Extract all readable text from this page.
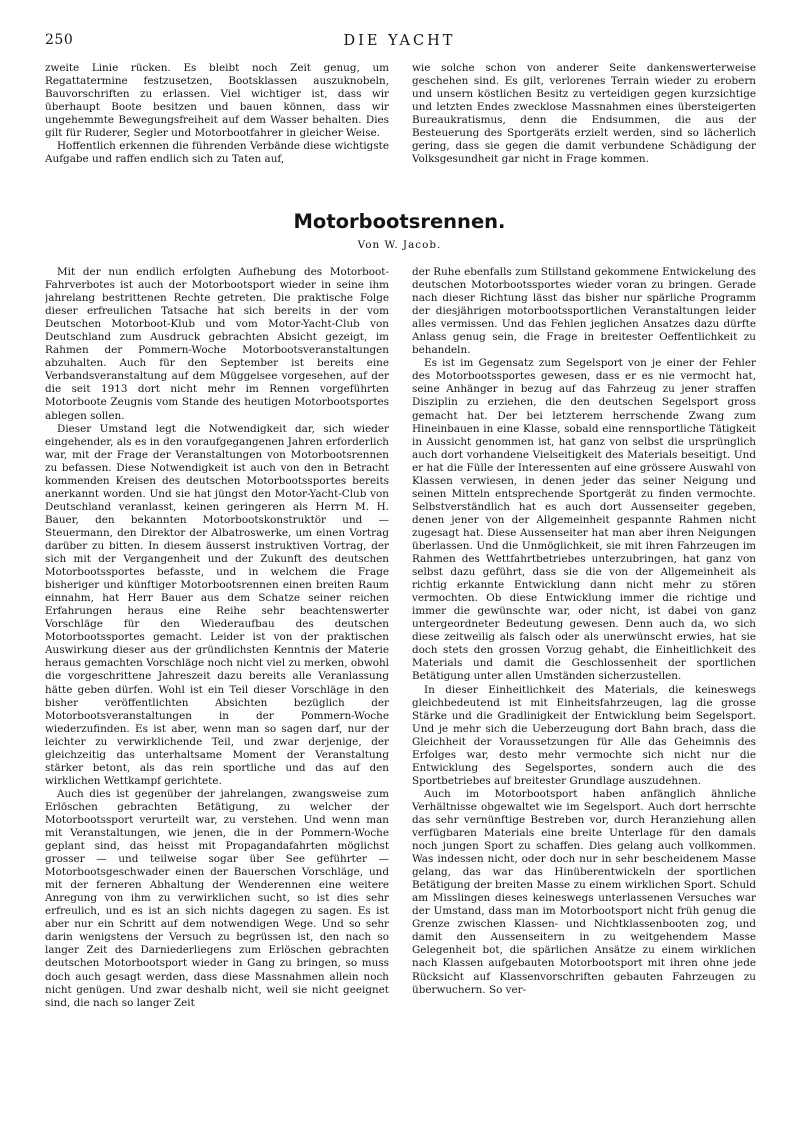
250	DIE YACHT

zweite Linie rücken. Es bleibt noch Zeit genug, um Regattatermine festzusetzen, Bootsklassen auszuknobeln, Bauvorschriften zu erlassen. Viel wichtiger ist, dass wir überhaupt Boote besitzen und bauen können, dass wir ungehemmte Bewegungsfreiheit auf dem Wasser behalten. Dies gilt für Ruderer, Segler und Motorbootfahrer in gleicher Weise.

Hoffentlich erkennen die führenden Verbände diese wichtigste Aufgabe und raffen endlich sich zu Taten auf,

wie solche schon von anderer Seite dankenswerterweise geschehen sind. Es gilt, verlorenes Terrain wieder zu erobern und unsern köstlichen Besitz zu verteidigen gegen kurzsichtige und letzten Endes zwecklose Massnahmen eines übersteigerten Bureaukratismus, denn die Endsummen, die aus der Besteuerung des Sportgeräts erzielt werden, sind so lächerlich gering, dass sie gegen die damit verbundene Schädigung der Volksgesundheit gar nicht in Frage kommen.

Motorbootsrennen.
Von W. Jacob.

Mit der nun endlich erfolgten Aufhebung des Motorboot-Fahrverbotes ist auch der Motorbootsport wieder in seine ihm jahrelang bestrittenen Rechte getreten. Die praktische Folge dieser erfreulichen Tatsache hat sich bereits in der vom Deutschen Motorboot-Klub und vom Motor-Yacht-Club von Deutschland zum Ausdruck gebrachten Absicht gezeigt, im Rahmen der Pommern-Woche Motorbootsveranstaltungen abzuhalten. Auch für den September ist bereits eine Verbandsveranstaltung auf dem Müggelsee vorgesehen, auf der die seit 1913 dort nicht mehr im Rennen vorgeführten Motorboote Zeugnis vom Stande des heutigen Motorbootsportes ablegen sollen.

Dieser Umstand legt die Notwendigkeit dar, sich wieder eingehender, als es in den voraufgegangenen Jahren erforderlich war, mit der Frage der Veranstaltungen von Motorbootsrennen zu befassen. Diese Notwendigkeit ist auch von den in Betracht kommenden Kreisen des deutschen Motorbootssportes bereits anerkannt worden. Und sie hat jüngst den Motor-Yacht-Club von Deutschland veranlasst, keinen geringeren als Herrn M. H. Bauer, den bekannten Motorbootskonstruktör und — Steuermann, den Direktor der Albatroswerke, um einen Vortrag darüber zu bitten. In diesem äusserst instruktiven Vortrag, der sich mit der Vergangenheit und der Zukunft des deutschen Motorbootssportes befasste, und in welchem die Frage bisheriger und künftiger Motorbootsrennen einen breiten Raum einnahm, hat Herr Bauer aus dem Schatze seiner reichen Erfahrungen heraus eine Reihe sehr beachtenswerter Vorschläge für den Wiederaufbau des deutschen Motorbootssportes gemacht. Leider ist von der praktischen Auswirkung dieser aus der gründlichsten Kenntnis der Materie heraus gemachten Vorschläge noch nicht viel zu merken, obwohl die vorgeschrittene Jahreszeit dazu bereits alle Veranlassung hätte geben dürfen. Wohl ist ein Teil dieser Vorschläge in den bisher veröffentlichten Absichten bezüglich der Motorbootsveranstaltungen in der Pommern-Woche wiederzufinden. Es ist aber, wenn man so sagen darf, nur der leichter zu verwirklichende Teil, und zwar derjenige, der gleichzeitig das unterhaltsame Moment der Veranstaltung stärker betont, als das rein sportliche und das auf den wirklichen Wettkampf gerichtete.

Auch dies ist gegenüber der jahrelangen, zwangsweise zum Erlöschen gebrachten Betätigung, zu welcher der Motorbootssport verurteilt war, zu verstehen. Und wenn man mit Veranstaltungen, wie jenen, die in der Pommern-Woche geplant sind, das heisst mit Propagandafahrten möglichst grosser — und teilweise sogar über See geführter — Motorbootsgeschwader einen der Bauerschen Vorschläge, und mit der ferneren Abhaltung der Wenderennen eine weitere Anregung von ihm zu verwirklichen sucht, so ist dies sehr erfreulich, und es ist an sich nichts dagegen zu sagen. Es ist aber nur ein Schritt auf dem notwendigen Wege. Und so sehr darin wenigstens der Versuch zu begrüssen ist, den nach so langer Zeit des Darniederliegens zum Erlöschen gebrachten deutschen Motorbootsport wieder in Gang zu bringen, so muss doch auch gesagt werden, dass diese Massnahmen allein noch nicht genügen. Und zwar deshalb nicht, weil sie nicht geeignet sind, die nach so langer Zeit

der Ruhe ebenfalls zum Stillstand gekommene Entwickelung des deutschen Motorbootssportes wieder voran zu bringen. Gerade nach dieser Richtung lässt das bisher nur spärliche Programm der diesjährigen motorbootssportlichen Veranstaltungen leider alles vermissen. Und das Fehlen jeglichen Ansatzes dazu dürfte Anlass genug sein, die Frage in breitester Oeffentlichkeit zu behandeln.

Es ist im Gegensatz zum Segelsport von je einer der Fehler des Motorbootssportes gewesen, dass er es nie vermocht hat, seine Anhänger in bezug auf das Fahrzeug zu jener straffen Disziplin zu erziehen, die den deutschen Segelsport gross gemacht hat. Der bei letzterem herrschende Zwang zum Hineinbauen in eine Klasse, sobald eine rennsportliche Tätigkeit in Aussicht genommen ist, hat ganz von selbst die ursprünglich auch dort vorhandene Vielseitigkeit des Materials beseitigt. Und er hat die Fülle der Interessenten auf eine grössere Auswahl von Klassen verwiesen, in denen jeder das seiner Neigung und seinen Mitteln entsprechende Sportgerät zu finden vermochte. Selbstverständlich hat es auch dort Aussenseiter gegeben, denen jener von der Allgemeinheit gespannte Rahmen nicht zugesagt hat. Diese Aussenseiter hat man aber ihren Neigungen überlassen. Und die Unmöglichkeit, sie mit ihren Fahrzeugen im Rahmen des Wettfahrtbetriebes unterzubringen, hat ganz von selbst dazu geführt, dass sie die von der Allgemeinheit als richtig erkannte Entwicklung dann nicht mehr zu stören vermochten. Ob diese Entwicklung immer die richtige und immer die gewünschte war, oder nicht, ist dabei von ganz untergeordneter Bedeutung gewesen. Denn auch da, wo sich diese zeitweilig als falsch oder als unerwünscht erwies, hat sie doch stets den grossen Vorzug gehabt, die Einheitlichkeit des Materials und damit die Geschlossenheit der sportlichen Betätigung unter allen Umständen sicherzustellen.

In dieser Einheitlichkeit des Materials, die keineswegs gleichbedeutend ist mit Einheitsfahrzeugen, lag die grosse Stärke und die Gradlinigkeit der Entwicklung beim Segelsport. Und je mehr sich die Ueberzeugung dort Bahn brach, dass die Gleichheit der Voraussetzungen für Alle das Geheimnis des Erfolges war, desto mehr vermochte sich nicht nur die Entwicklung des Segelsportes, sondern auch die des Sportbetriebes auf breitester Grundlage auszudehnen.

Auch im Motorbootsport haben anfänglich ähnliche Verhältnisse obgewaltet wie im Segelsport. Auch dort herrschte das sehr vernünftige Bestreben vor, durch Heranziehung allen verfügbaren Materials eine breite Unterlage für den damals noch jungen Sport zu schaffen. Dies gelang auch vollkommen. Was indessen nicht, oder doch nur in sehr bescheidenem Masse gelang, das war das Hinüberentwickeln der sportlichen Betätigung der breiten Masse zu einem wirklichen Sport. Schuld am Misslingen dieses keineswegs unterlassenen Versuches war der Umstand, dass man im Motorbootsport nicht früh genug die Grenze zwischen Klassen- und Nichtklassenbooten zog, und damit den Aussenseitern in zu weitgehendem Masse Gelegenheit bot, die spärlichen Ansätze zu einem wirklichen nach Klassen aufgebauten Motorbootsport mit ihren ohne jede Rücksicht auf Klassenvorschriften gebauten Fahrzeugen zu überwuchern. So ver-
